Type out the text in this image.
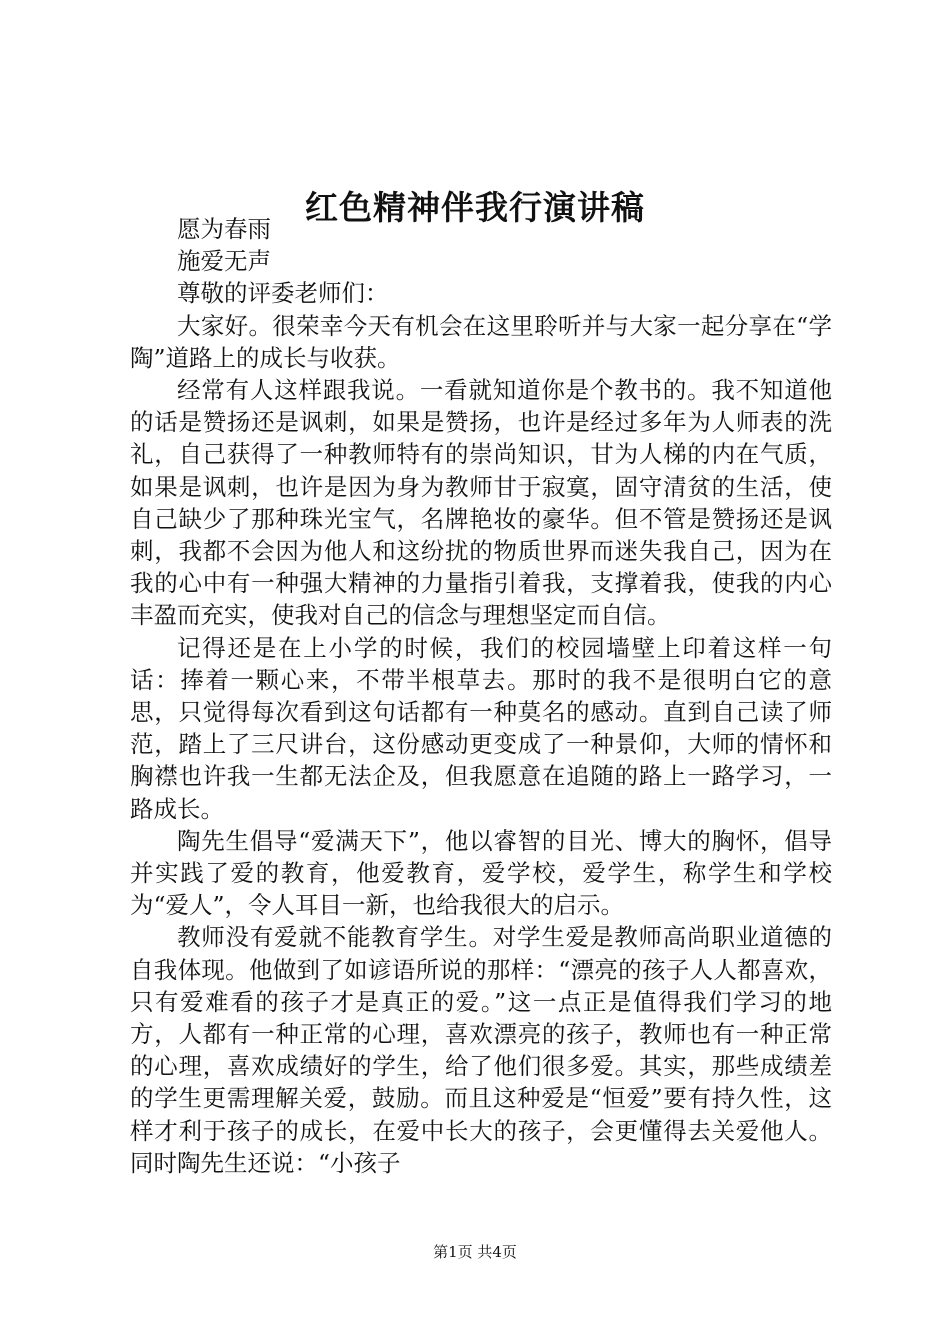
红色精神伴我行演讲稿

愿为春雨

施爱无声

尊敬的评委老师们：

大家好。很荣幸今天有机会在这里聆听并与大家一起分享在“学陶”道路上的成长与收获。

经常有人这样跟我说。一看就知道你是个教书的。我不知道他的话是赞扬还是讽刺，如果是赞扬，也许是经过多年为人师表的洗礼，自己获得了一种教师特有的崇尚知识，甘为人梯的内在气质，如果是讽刺，也许是因为身为教师甘于寂寞，固守清贫的生活，使自己缺少了那种珠光宝气，名牌艳妆的豪华。但不管是赞扬还是讽刺，我都不会因为他人和这纷扰的物质世界而迷失我自己，因为在我的心中有一种强大精神的力量指引着我，支撑着我，使我的内心丰盈而充实，使我对自己的信念与理想坚定而自信。

记得还是在上小学的时候，我们的校园墙壁上印着这样一句话：捧着一颗心来，不带半根草去。那时的我不是很明白它的意思，只觉得每次看到这句话都有一种莫名的感动。直到自己读了师范，踏上了三尺讲台，这份感动更变成了一种景仰，大师的情怀和胸襟也许我一生都无法企及，但我愿意在追随的路上一路学习，一路成长。

陶先生倡导“爱满天下”，他以睿智的目光、博大的胸怀，倡导并实践了爱的教育，他爱教育，爱学校，爱学生，称学生和学校为“爱人”，令人耳目一新，也给我很大的启示。

教师没有爱就不能教育学生。对学生爱是教师高尚职业道德的自我体现。他做到了如谚语所说的那样：“漂亮的孩子人人都喜欢，只有爱难看的孩子才是真正的爱。”这一点正是值得我们学习的地方，人都有一种正常的心理，喜欢漂亮的孩子，教师也有一种正常的心理，喜欢成绩好的学生，给了他们很多爱。其实，那些成绩差的学生更需理解关爱，鼓励。而且这种爱是“恒爱”要有持久性，这样才利于孩子的成长，在爱中长大的孩子，会更懂得去关爱他人。同时陶先生还说：“小孩子

第1页 共4页
